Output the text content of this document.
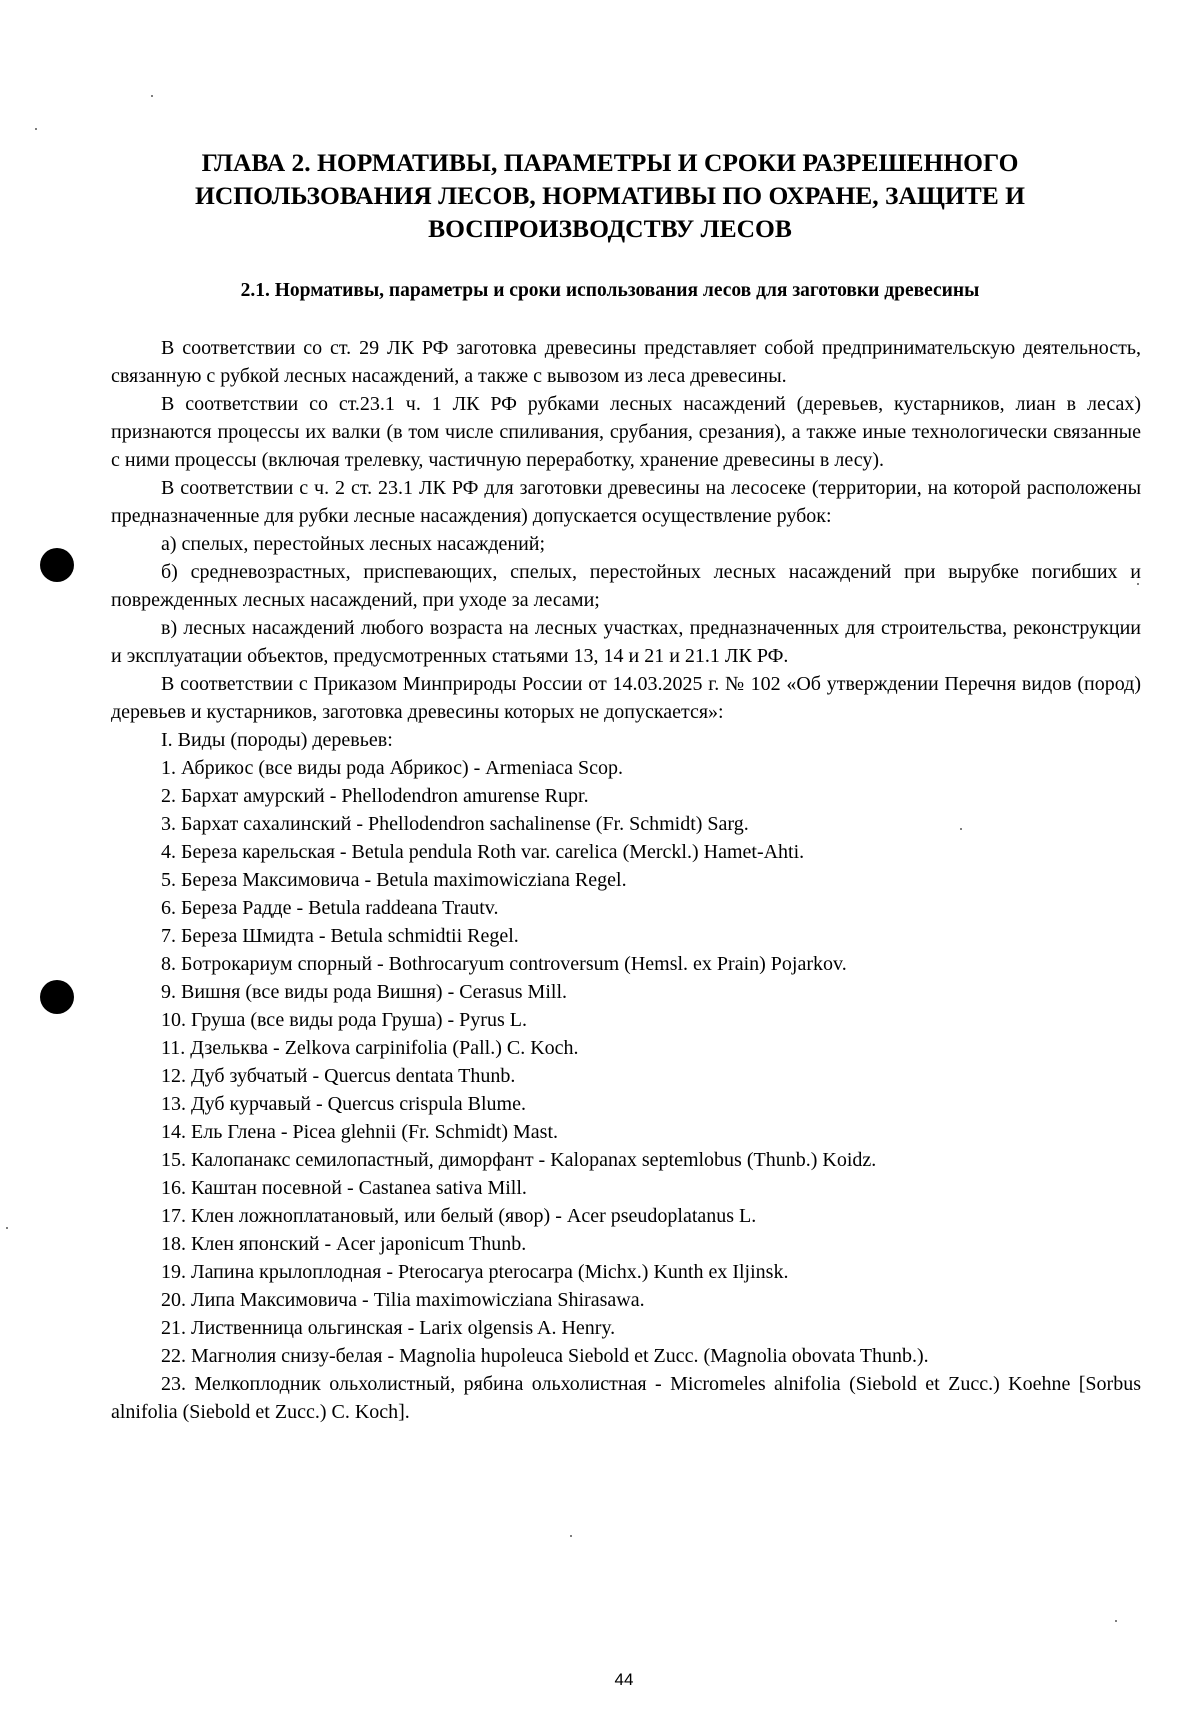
ГЛАВА 2. НОРМАТИВЫ, ПАРАМЕТРЫ И СРОКИ РАЗРЕШЕННОГО
ИСПОЛЬЗОВАНИЯ ЛЕСОВ, НОРМАТИВЫ ПО ОХРАНЕ, ЗАЩИТЕ И
ВОСПРОИЗВОДСТВУ ЛЕСОВ
2.1. Нормативы, параметры и сроки использования лесов для заготовки древесины

В соответствии со ст. 29 ЛК РФ заготовка древесины представляет собой предпринимательскую деятельность, связанную с рубкой лесных насаждений, а также с вывозом из леса древесины.

В соответствии со ст.23.1 ч. 1 ЛК РФ рубками лесных насаждений (деревьев, кустарников, лиан в лесах) признаются процессы их валки (в том числе спиливания, срубания, срезания), а также иные технологически связанные с ними процессы (включая трелевку, частичную переработку, хранение древесины в лесу).

В соответствии с ч. 2 ст. 23.1 ЛК РФ для заготовки древесины на лесосеке (территории, на которой расположены предназначенные для рубки лесные насаждения) допускается осуществление рубок:

а) спелых, перестойных лесных насаждений;

б) средневозрастных, приспевающих, спелых, перестойных лесных насаждений при вырубке погибших и поврежденных лесных насаждений, при уходе за лесами;

в) лесных насаждений любого возраста на лесных участках, предназначенных для строительства, реконструкции и эксплуатации объектов, предусмотренных статьями 13, 14 и 21 и 21.1 ЛК РФ.

В соответствии с Приказом Минприроды России от 14.03.2025 г. № 102 «Об утверждении Перечня видов (пород) деревьев и кустарников, заготовка древесины которых не допускается»:

I. Виды (породы) деревьев:

1. Абрикос (все виды рода Абрикос) - Armeniaca Scop.

2. Бархат амурский - Phellodendron amurense Rupr.

3. Бархат сахалинский - Phellodendron sachalinense (Fr. Schmidt) Sarg.

4. Береза карельская - Betula pendula Roth var. carelica (Merckl.) Hamet-Ahti.

5. Береза Максимовича - Betula maximowicziana Regel.

6. Береза Радде - Betula raddeana Trautv.

7. Береза Шмидта - Betula schmidtii Regel.

8. Ботрокариум спорный - Bothrocaryum controversum (Hemsl. ex Prain) Pojarkov.

9. Вишня (все виды рода Вишня) - Cerasus Mill.

10. Груша (все виды рода Груша) - Pyrus L.

11. Дзельква - Zelkova carpinifolia (Pall.) C. Koch.

12. Дуб зубчатый - Quercus dentata Thunb.

13. Дуб курчавый - Quercus crispula Blume.

14. Ель Глена - Picea glehnii (Fr. Schmidt) Mast.

15. Калопанакс семилопастный, диморфант - Kalopanax septemlobus (Thunb.) Koidz.

16. Каштан посевной - Castanea sativa Mill.

17. Клен ложноплатановый, или белый (явор) - Acer pseudoplatanus L.

18. Клен японский - Acer japonicum Thunb.

19. Лапина крылоплодная - Pterocarya pterocarpa (Michx.) Kunth ex Iljinsk.

20. Липа Максимовича - Tilia maximowicziana Shirasawa.

21. Лиственница ольгинская - Larix olgensis A. Henry.

22. Магнолия снизу-белая - Magnolia hupoleuca Siebold et Zucc. (Magnolia obovata Thunb.).

23. Мелкоплодник ольхолистный, рябина ольхолистная - Micromeles alnifolia (Siebold et Zucc.) Koehne [Sorbus alnifolia (Siebold et Zucc.) C. Koch].

44
